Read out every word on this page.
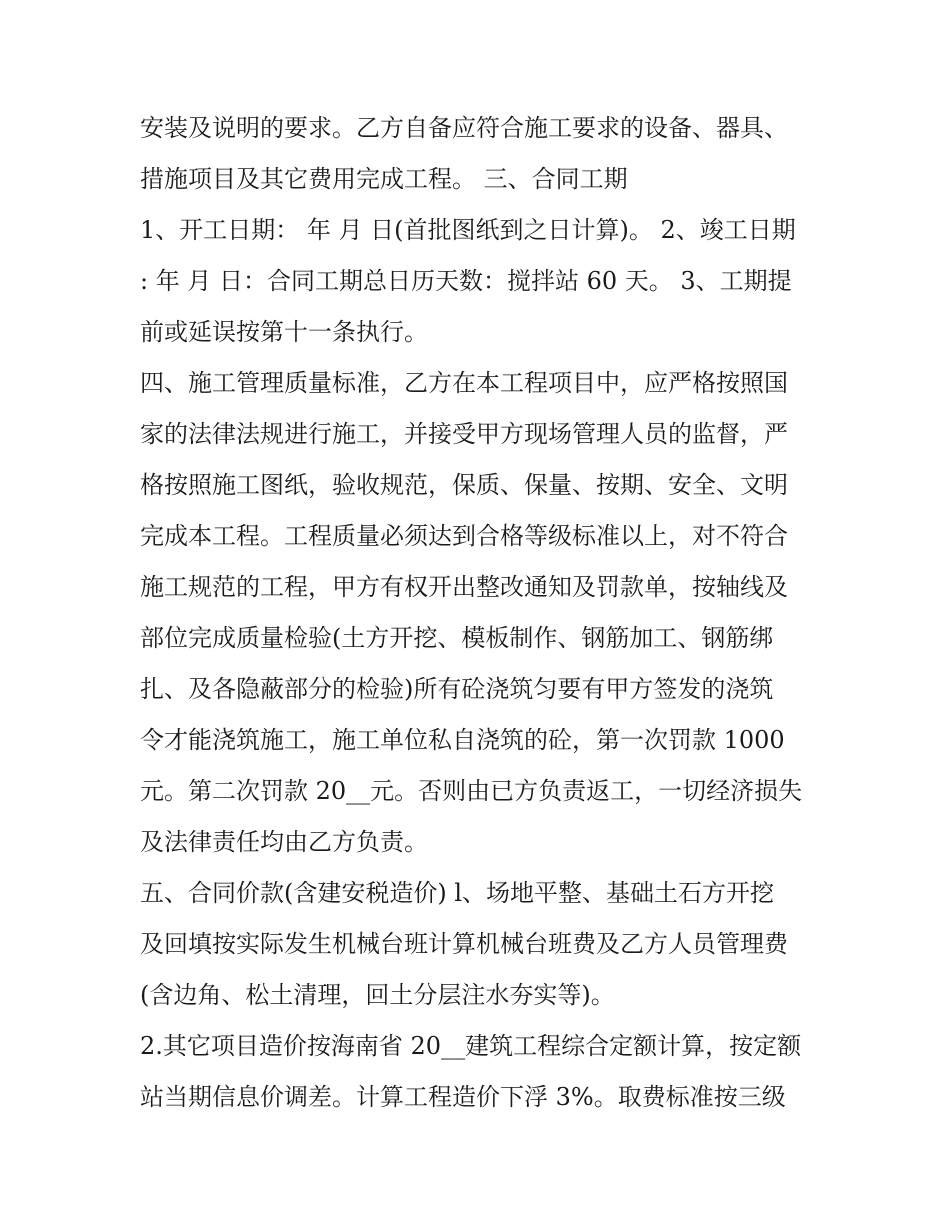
安装及说明的要求。乙方自备应符合施工要求的设备、器具、
措施项目及其它费用完成工程。 三、合同工期
1、开工日期： 年 月 日(首批图纸到之日计算)。 2、竣工日期
: 年 月 日：合同工期总日历天数：搅拌站 60 天。 3、工期提
前或延误按第十一条执行。
四、施工管理质量标准，乙方在本工程项目中，应严格按照国
家的法律法规进行施工，并接受甲方现场管理人员的监督，严
格按照施工图纸，验收规范，保质、保量、按期、安全、文明
完成本工程。工程质量必须达到合格等级标准以上，对不符合
施工规范的工程，甲方有权开出整改通知及罚款单，按轴线及
部位完成质量检验(土方开挖、模板制作、钢筋加工、钢筋绑
扎、及各隐蔽部分的检验)所有砼浇筑匀要有甲方签发的浇筑
令才能浇筑施工，施工单位私自浇筑的砼，第一次罚款 1000
元。第二次罚款 20__元。否则由已方负责返工，一切经济损失
及法律责任均由乙方负责。
五、合同价款(含建安税造价) l、场地平整、基础土石方开挖
及回填按实际发生机械台班计算机械台班费及乙方人员管理费
(含边角、松土清理，回土分层注水夯实等)。
2.其它项目造价按海南省 20__建筑工程综合定额计算，按定额
站当期信息价调差。计算工程造价下浮 3%。取费标准按三级
